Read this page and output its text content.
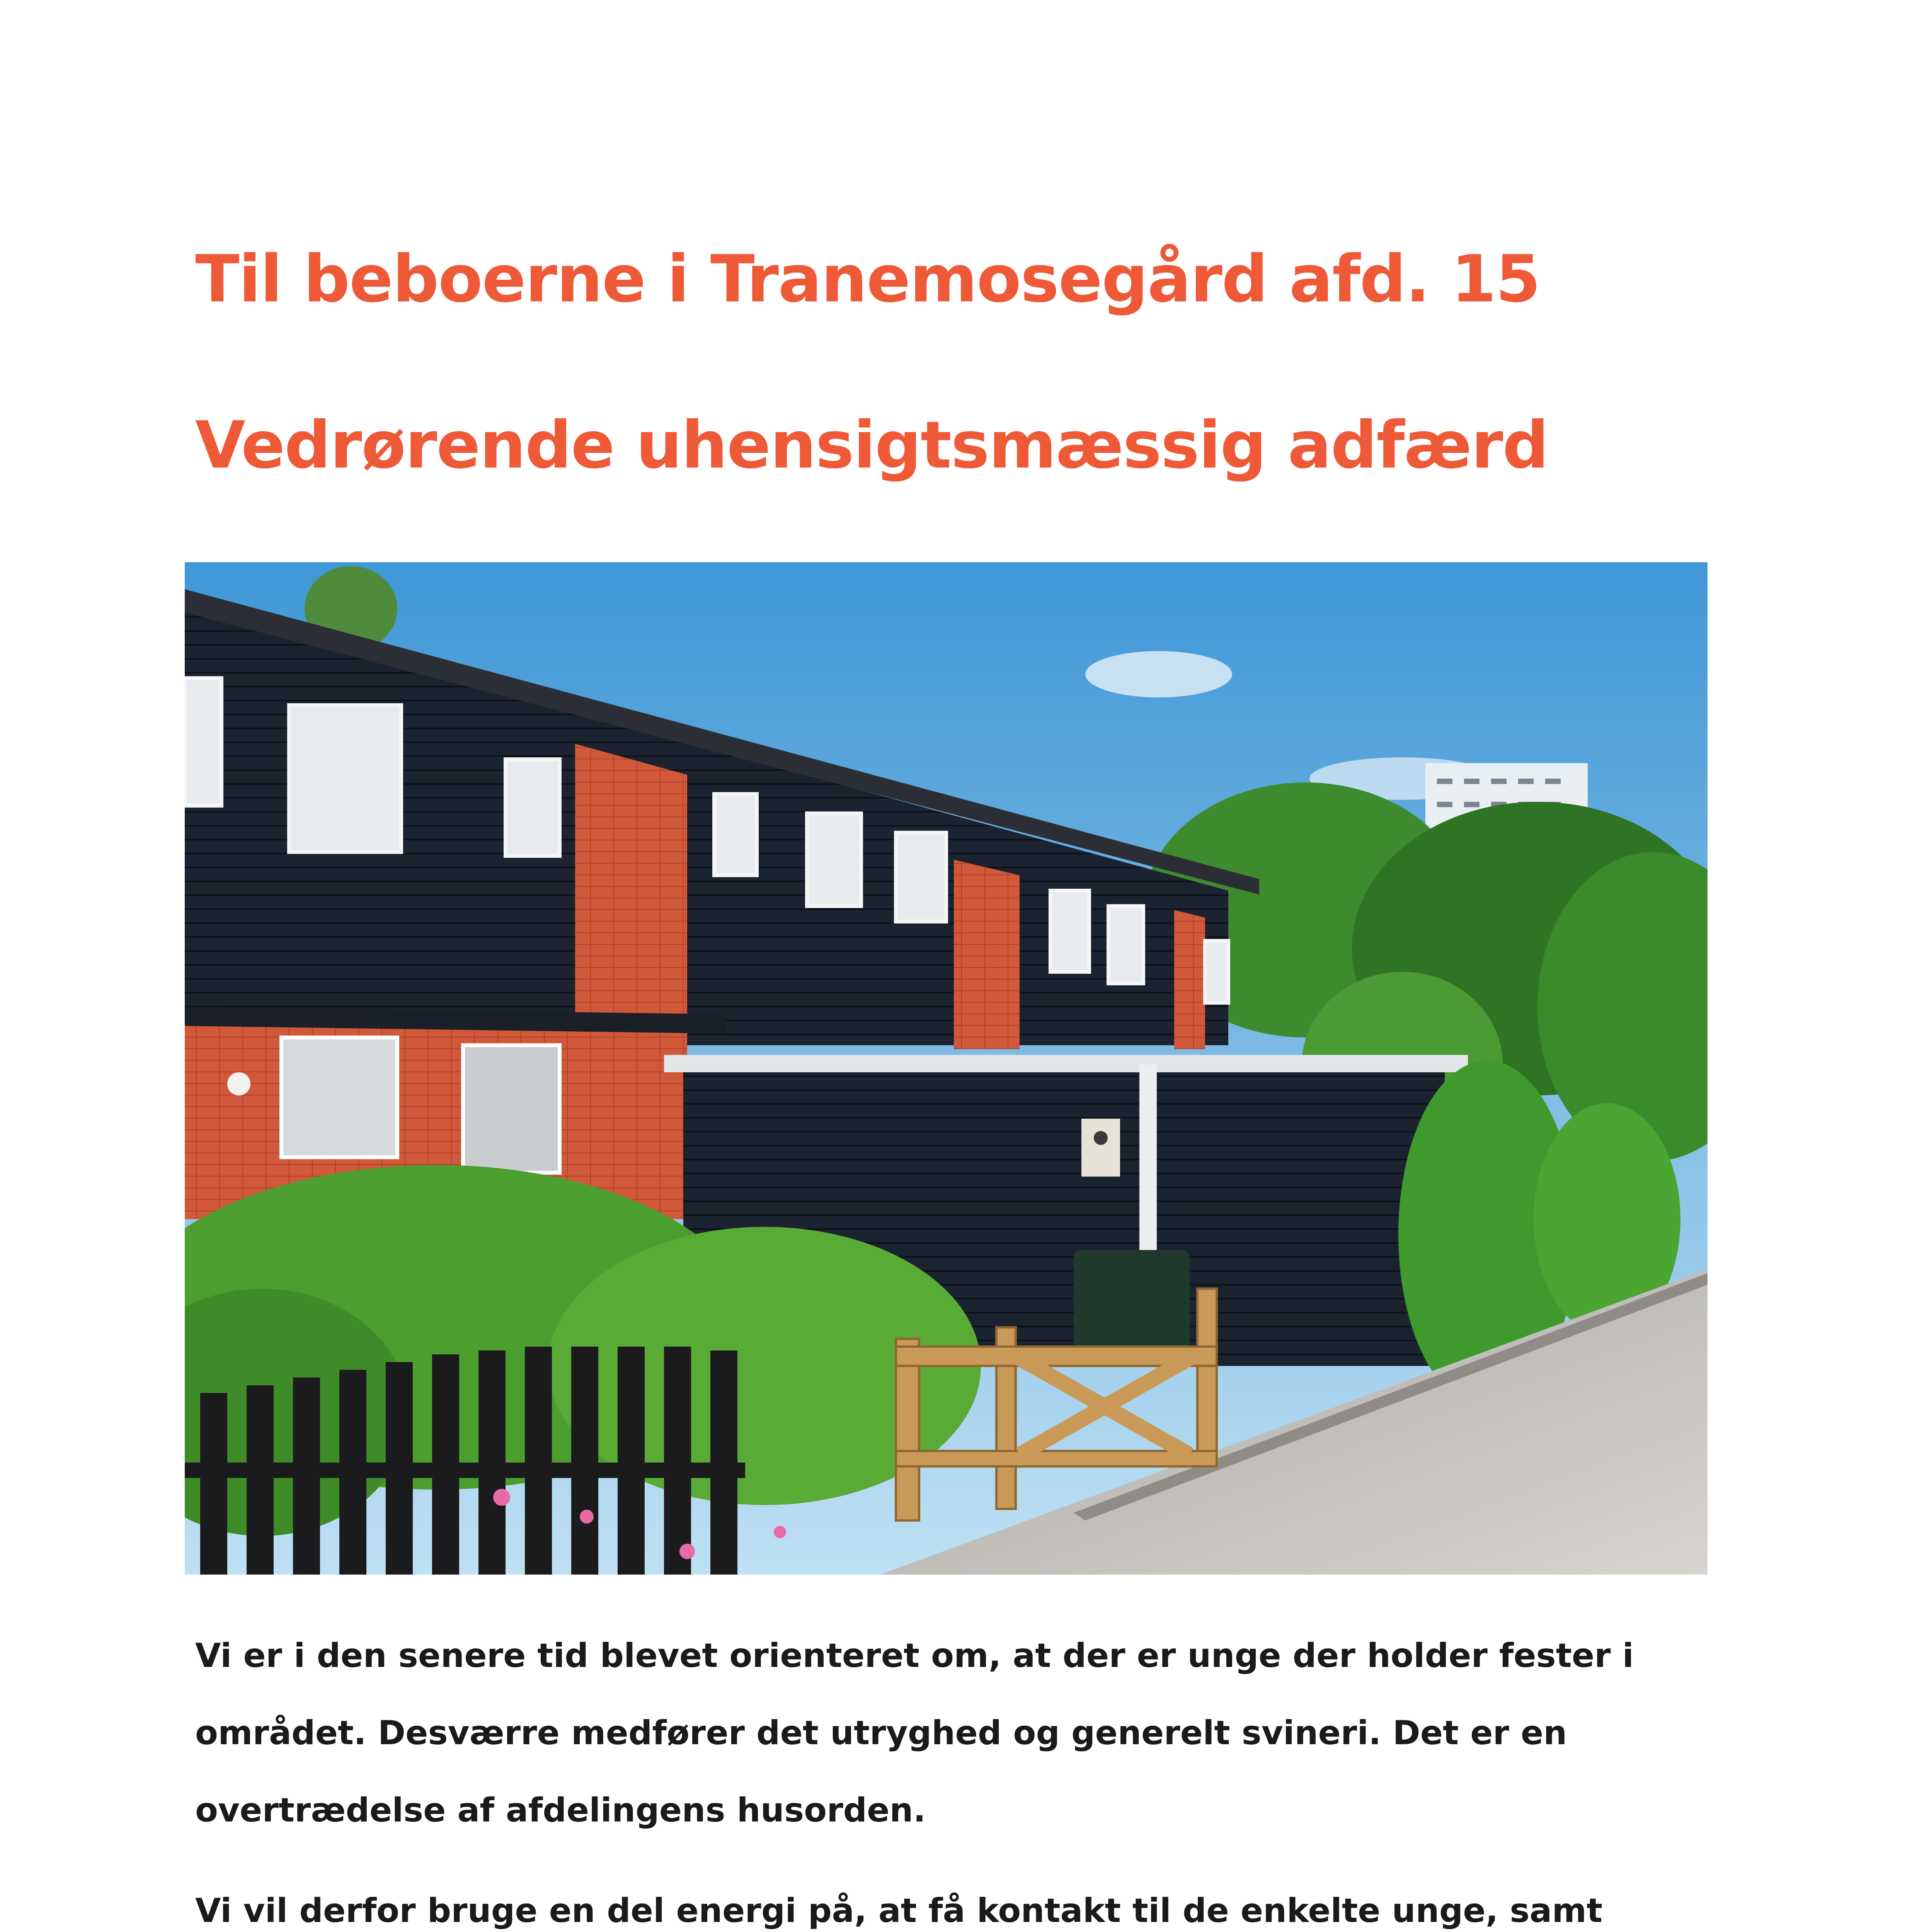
Til beboerne i Tranemosegård afd. 15
Vedrørende uhensigtsmæssig adfærd

Vi er i den senere tid blevet orienteret om, at der er unge der holder fester i området. Desværre medfører det utryghed og generelt svineri. Det er en overtrædelse af afdelingens husorden.

Vi vil derfor bruge en del energi på, at få kontakt til de enkelte unge, samt
